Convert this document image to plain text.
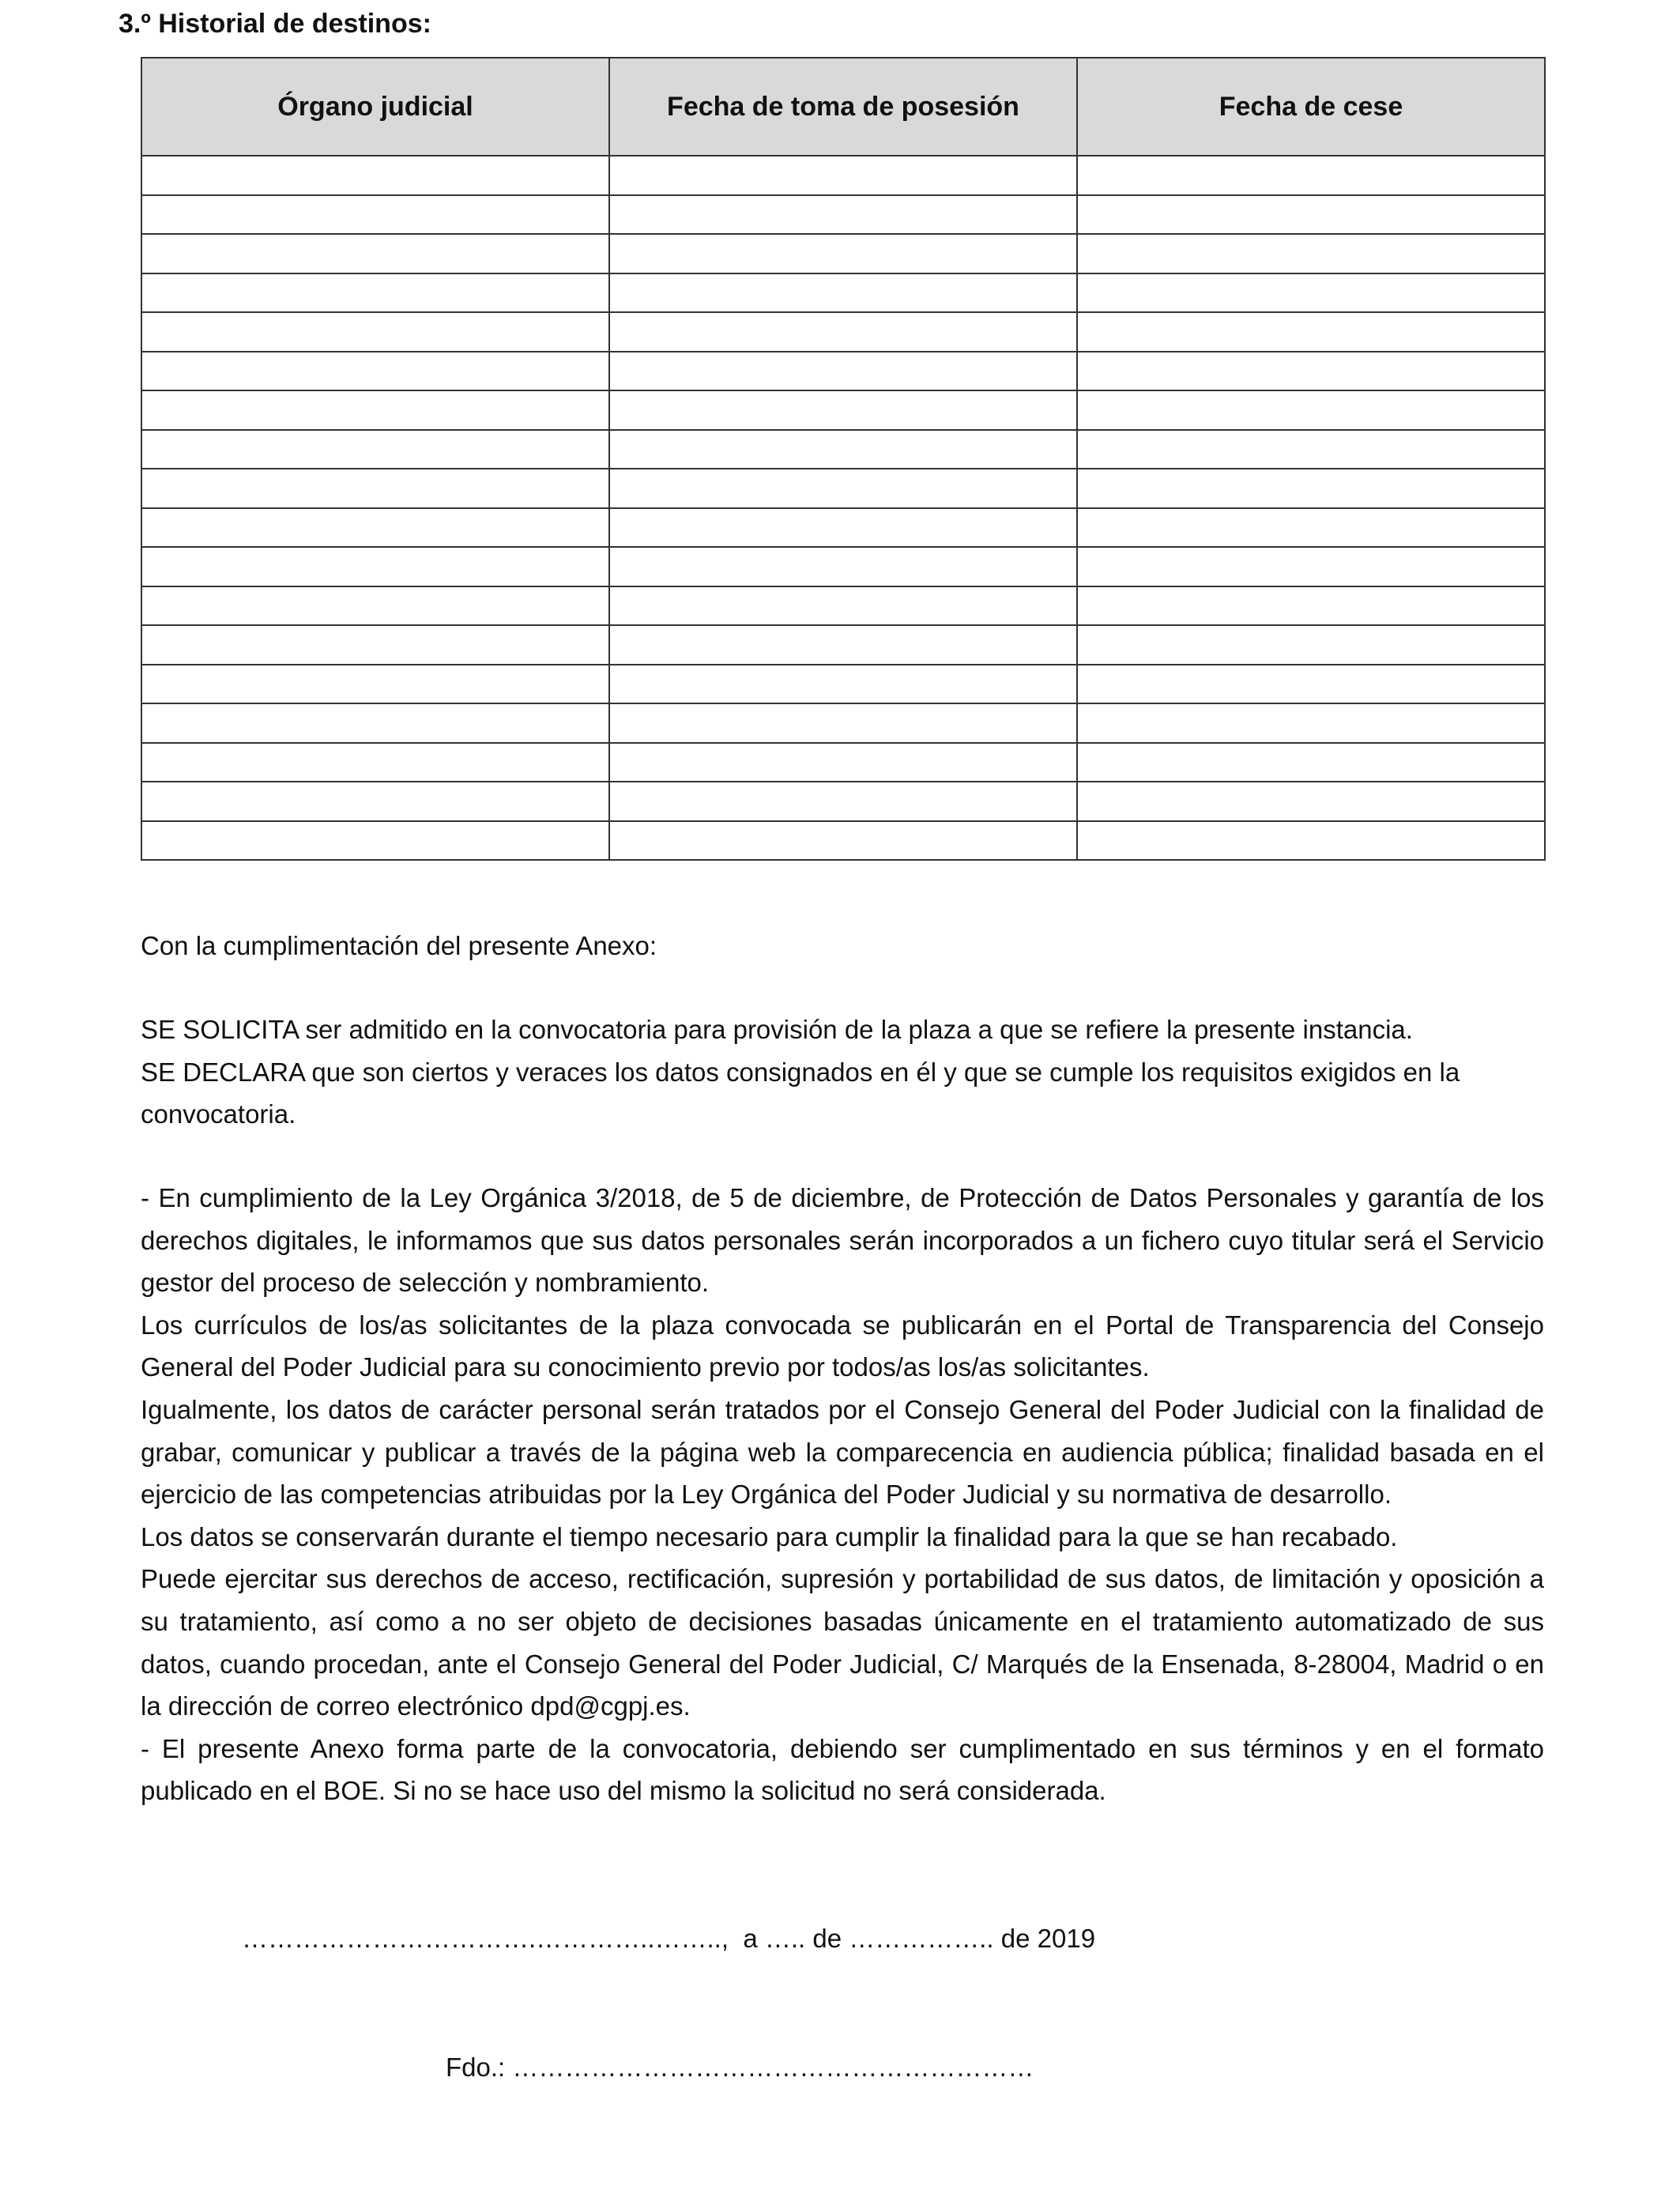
3.º Historial de destinos:
Órgano judicial	Fecha de toma de posesión	Fecha de cese

Con la cumplimentación del presente Anexo:

SE SOLICITA ser admitido en la convocatoria para provisión de la plaza a que se refiere la presente instancia.

SE DECLARA que son ciertos y veraces los datos consignados en él y que se cumple los requisitos exigidos en la convocatoria.

- En cumplimiento de la Ley Orgánica 3/2018, de 5 de diciembre, de Protección de Datos Personales y garantía de los derechos digitales, le informamos que sus datos personales serán incorporados a un fichero cuyo titular será el Servicio gestor del proceso de selección y nombramiento.

Los currículos de los/as solicitantes de la plaza convocada se publicarán en el Portal de Transparencia del Consejo General del Poder Judicial para su conocimiento previo por todos/as los/as solicitantes.

Igualmente, los datos de carácter personal serán tratados por el Consejo General del Poder Judicial con la finalidad de grabar, comunicar y publicar a través de la página web la comparecencia en audiencia pública; finalidad basada en el ejercicio de las competencias atribuidas por la Ley Orgánica del Poder Judicial y su normativa de desarrollo.

Los datos se conservarán durante el tiempo necesario para cumplir la finalidad para la que se han recabado.

Puede ejercitar sus derechos de acceso, rectificación, supresión y portabilidad de sus datos, de limitación y oposición a su tratamiento, así como a no ser objeto de decisiones basadas únicamente en el tratamiento automatizado de sus datos, cuando procedan, ante el Consejo General del Poder Judicial, C/ Marqués de la Ensenada, 8-28004, Madrid o en la dirección de correo electrónico dpd@cgpj.es.

- El presente Anexo forma parte de la convocatoria, debiendo ser cumplimentado en sus términos y en el formato publicado en el BOE. Si no se hace uso del mismo la solicitud no será considerada.

…………………………….…………..……..,  a ….. de …………….. de 2019
Fdo.: ……………………………………………………
